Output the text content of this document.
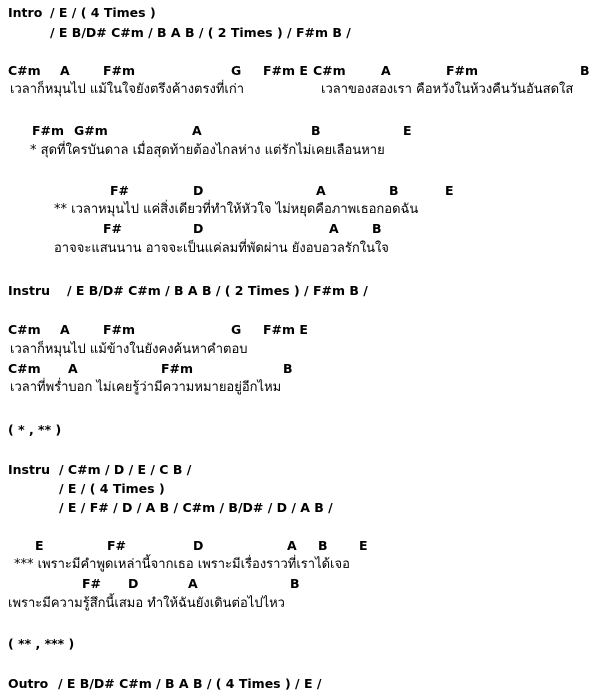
Intro / E / ( 4 Times )
/ E B/D# C#m / B A B / ( 2 Times ) / F#m B /
C#m A	F#m	G F#m E C#m	A	F#m	B
เวลาก็หมุนไป แม้ในใจยังตรึงค้างตรงที่เก่า	เวลาของสองเรา คือหวังในห้วงคืนวันอันสดใส
F#m G#m	A	B	E
* สุดที่ใครบันดาล เมื่อสุดท้ายต้องไกลห่าง แต่รักไม่เคยเลือนหาย
F#	D	A	B	E
** เวลาหมุนไป แค่สิ่งเดียวที่ทำให้หัวใจ ไม่หยุดคือภาพเธอกอดฉัน
F#	D	A	B
อาจจะแสนนาน อาจจะเป็นแค่ลมที่พัดผ่าน ยังอบอวลรักในใจ
Instru / E B/D# C#m / B A B / ( 2 Times ) / F#m B /
C#m A	F#m	G F#m E
เวลาก็หมุนไป แม้ข้างในยังคงค้นหาคำตอบ
C#m A	F#m	B
เวลาที่พร่ำบอก ไม่เคยรู้ว่ามีความหมายอยู่อีกไหม
( * , ** )
Instru / C#m / D / E / C B /
/ E / ( 4 Times )
/ E / F# / D / A B / C#m / B/D# / D / A B /
E	F#	D	A B	E
*** เพราะมีคำพูดเหล่านี้จากเธอ เพราะมีเรื่องราวที่เราได้เจอ
F# D	A	B
เพราะมีความรู้สึกนี้เสมอ ทำให้ฉันยังเดินต่อไปไหว
( ** , *** )
Outro / E B/D# C#m / B A B / ( 4 Times ) / E /
